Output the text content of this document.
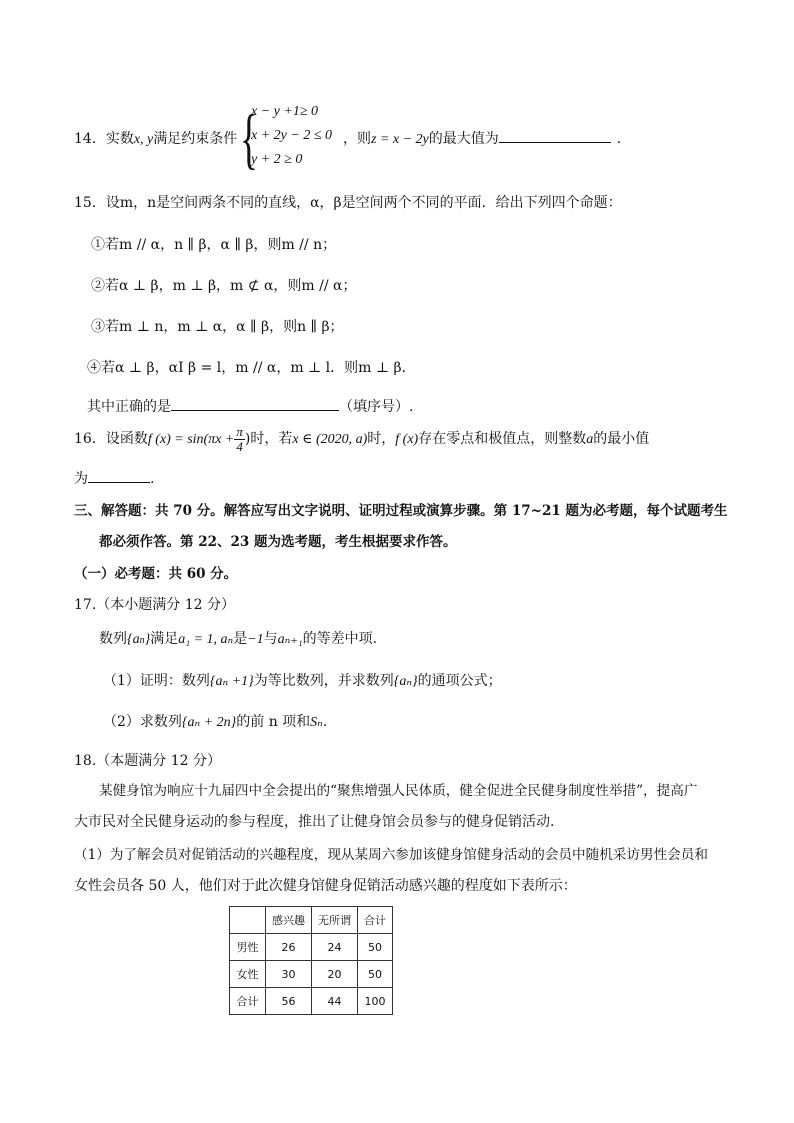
14．实数x, y满足约束条件 {
x − y +1≥ 0
x + 2y − 2 ≤ 0
y + 2 ≥ 0
，则z = x − 2y的最大值为	.
15．设m，n是空间两条不同的直线，α，β是空间两个不同的平面．给出下列四个命题：
①若m // α，n ∥ β，α ∥ β，则m // n；
②若α ⊥ β，m ⊥ β，m ⊄ α，则m // α；
③若m ⊥ n，m ⊥ α，α ∥ β，则n ∥ β；
④若α ⊥ β，αI β = l，m // α，m ⊥ l．则m ⊥ β．
其中正确的是	（填序号）.
16．设函数f $(x) = \sin(\pi x + \frac{\pi}{4}$ )时，若x ∈ (2020, a)时，f (x)存在零点和极值点，则整数a的最小值
为	.
三、解答题：共 70 分。解答应写出文字说明、证明过程或演算步骤。第 17~21 题为必考题，每个试题考生
都必须作答。第 22、23 题为选考题，考生根据要求作答。
（一）必考题：共 60 分。
17.（本小题满分 12 分）
数列{an}满足a₁ = 1, aₙ是−1与aₙ₊₁的等差中项.
（1）证明：数列{aₙ +1}为等比数列，并求数列{aₙ}的通项公式；
（2）求数列{aₙ + 2n}的前 n 项和Sₙ.
18.（本题满分 12 分）
某健身馆为响应十九届四中全会提出的“聚焦增强人民体质，健全促进全民健身制度性举措”，提高广
大市民对全民健身运动的参与程度，推出了让健身馆会员参与的健身促销活动.
（1）为了解会员对促销活动的兴趣程度，现从某周六参加该健身馆健身活动的会员中随机采访男性会员和
女性会员各 50 人，他们对于此次健身馆健身促销活动感兴趣的程度如下表所示：
	感兴趣	无所谓	合计
男性	26	24	50
女性	30	20	50
合计	56	44	100
